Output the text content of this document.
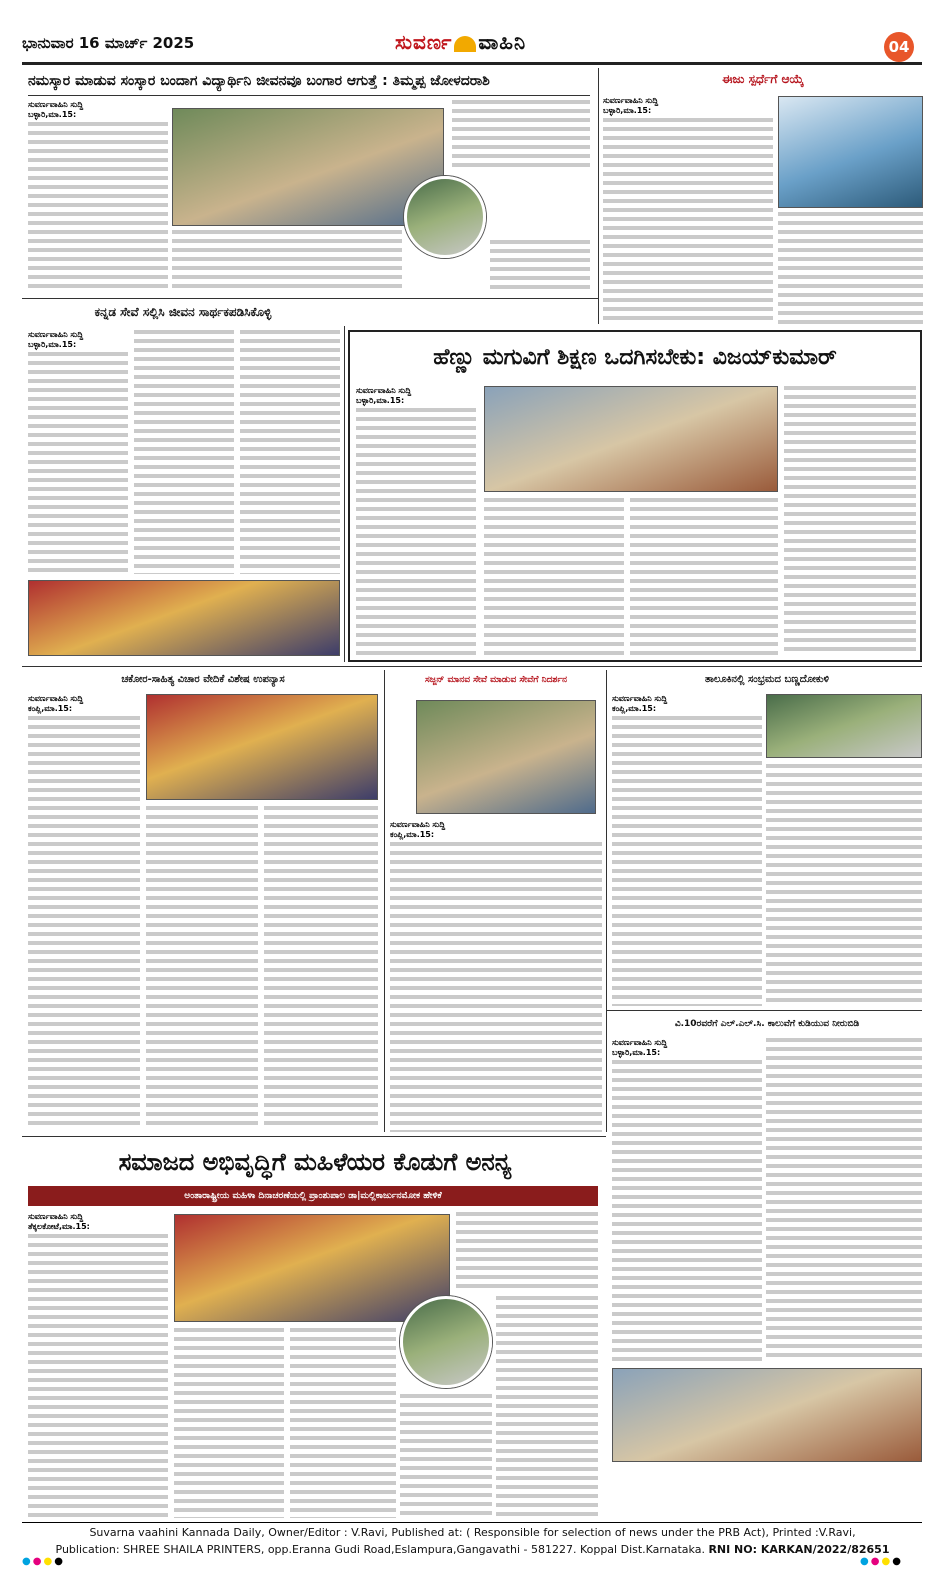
ಭಾನುವಾರ 16 ಮಾರ್ಚ್ 2025	ಸುವರ್ಣ ವಾಹಿನಿ	04
ನಮಸ್ಕಾರ ಮಾಡುವ ಸಂಸ್ಕಾರ ಬಂದಾಗ ವಿದ್ಯಾರ್ಥಿನಿ ಜೀವನವೂ ಬಂಗಾರ ಆಗುತ್ತೆ : ತಿಮ್ಮಪ್ಪ ಜೋಳದರಾಶಿ
ಸುವರ್ಣವಾಹಿನಿ ಸುದ್ದಿ
ಬಳ್ಳಾರಿ,ಮಾ.15:
ಈಜು ಸ್ಪರ್ಧೆಗೆ ಆಯ್ಕೆ
ಸುವರ್ಣವಾಹಿನಿ ಸುದ್ದಿ
ಬಳ್ಳಾರಿ,ಮಾ.15:
ಕನ್ನಡ ಸೇವೆ ಸಲ್ಲಿಸಿ ಜೀವನ ಸಾರ್ಥಕಪಡಿಸಿಕೊಳ್ಳಿ
ಸುವರ್ಣವಾಹಿನಿ ಸುದ್ದಿ
ಬಳ್ಳಾರಿ,ಮಾ.15:
ಹೆಣ್ಣು ಮಗುವಿಗೆ ಶಿಕ್ಷಣ ಒದಗಿಸಬೇಕು: ವಿಜಯ್‌ಕುಮಾರ್
ಸುವರ್ಣವಾಹಿನಿ ಸುದ್ದಿ
ಬಳ್ಳಾರಿ,ಮಾ.15:
ಚಕೋರ-ಸಾಹಿತ್ಯ ವಿಚಾರ ವೇದಿಕೆ ವಿಶೇಷ ಉಪನ್ಯಾಸ
ಸುವರ್ಣವಾಹಿನಿ ಸುದ್ದಿ
ಕಂಪ್ಲಿ,ಮಾ.15:
ಸಜ್ಜನ್ ಮಾನವ ಸೇವೆ ಮಾಡುವ ಸೇವೆಗೆ ನಿದರ್ಶನ
ಸುವರ್ಣವಾಹಿನಿ ಸುದ್ದಿ
ಕಂಪ್ಲಿ,ಮಾ.15:
ತಾಲೂಕಿನಲ್ಲಿ ಸಂಭ್ರಮದ ಬಣ್ಣದೋಕುಳಿ
ಸುವರ್ಣವಾಹಿನಿ ಸುದ್ದಿ
ಕಂಪ್ಲಿ,ಮಾ.15:
ವಿ.10ರವರೆಗೆ ಎಲ್.ಎಲ್.ಸಿ. ಕಾಲುವೆಗೆ ಕುಡಿಯುವ ನೀರುಬಿಡಿ
ಸುವರ್ಣವಾಹಿನಿ ಸುದ್ದಿ
ಬಳ್ಳಾರಿ,ಮಾ.15:
ಸಮಾಜದ ಅಭಿವೃದ್ಧಿಗೆ ಮಹಿಳೆಯರ ಕೊಡುಗೆ ಅನನ್ಯ
ಅಂತಾರಾಷ್ಟ್ರೀಯ ಮಹಿಳಾ ದಿನಾಚರಣೆಯಲ್ಲಿ ಪ್ರಾಂಶುಪಾಲ ಡಾ|ಮಲ್ಲಿಕಾರ್ಜುನಮೋಕ ಹೇಳಿಕೆ
ಸುವರ್ಣವಾಹಿನಿ ಸುದ್ದಿ
ತೆಕ್ಕಲಕೋಟೆ,ಮಾ.15:
Suvarna vaahini Kannada Daily, Owner/Editor : V.Ravi, Published at: ( Responsible for selection of news under the PRB Act), Printed :V.Ravi,
Publication: SHREE SHAILA PRINTERS, opp.Eranna Gudi Road,Eslampura,Gangavathi - 581227. Koppal Dist.Karnataka. RNI NO: KARKAN/2022/82651
●●●●	●●●●
